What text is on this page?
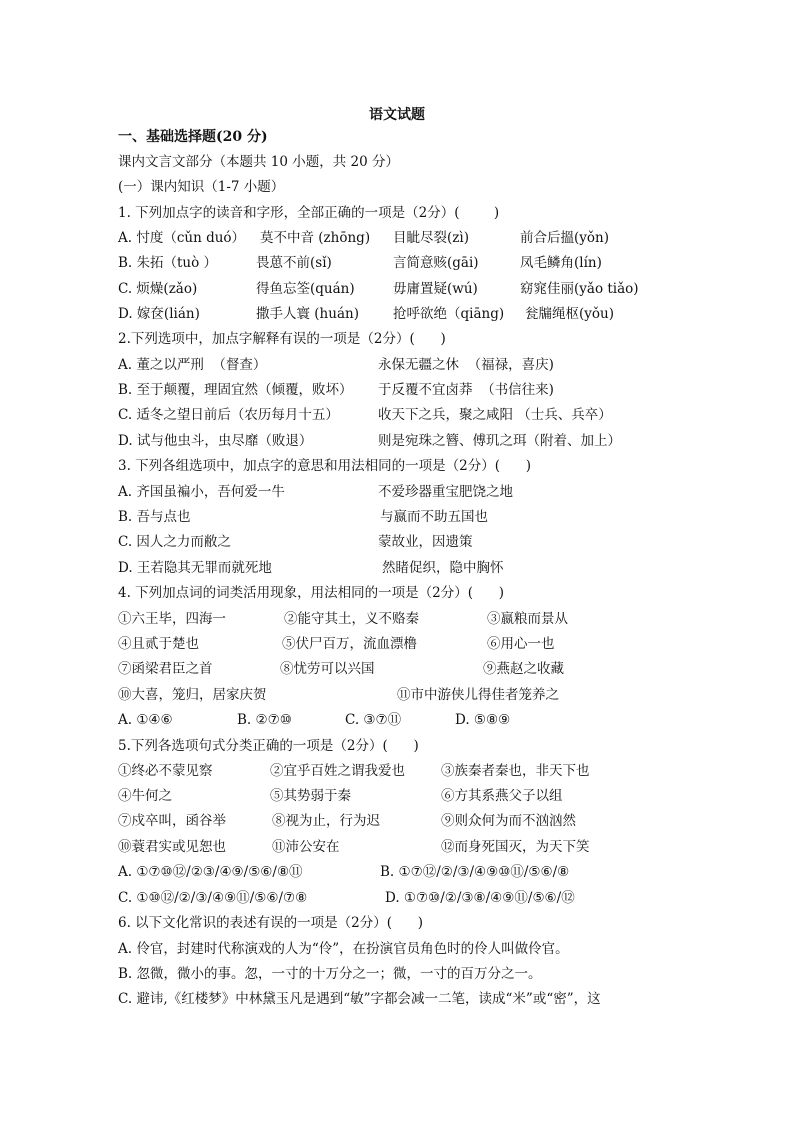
语文试题
一、基础选择题(20 分)
课内文言文部分（本题共 10 小题，共 20 分）
(一）课内知识（1-7 小题）
1. 下列加点字的读音和字形，全部正确的一项是（2分）(        )
A. 忖度（cǔn duó） 莫不中音 (zhōng) 目眦尽裂(zì)	前合后搵(yǒn)
B. 朱拓（tuò ）	畏葸不前(sǐ)	言简意赅(gāi)	凤毛鳞角(lín)
C. 烦燥(zǎo)	得鱼忘筌(quán)	毋庸置疑(wú)	窈窕佳丽(yǎo tiǎo)
D. 嫁奁(lián)	撒手人寰 (huán)	抢呼欲绝（qiāng) 瓮牖绳枢(yǒu)
2.下列选项中，加点字解释有误的一项是（2分）(      )
A. 董之以严刑  （督查）	永保无疆之休  （福禄，喜庆)
B. 至于颠覆，理固宜然（倾覆，败坏） 于反覆不宜卤莽  （书信往来)
C. 适冬之望日前后（农历每月十五）	收天下之兵，聚之咸阳 （士兵、兵卒）
D. 试与他虫斗，虫尽靡（败退）	则是宛珠之簪、傅玑之珥（附着、加上）
3. 下列各组选项中，加点字的意思和用法相同的一项是（2分）(      )
A. 齐国虽褊小，吾何爱一牛	不爱珍器重宝肥饶之地
B. 吾与点也	与嬴而不助五国也
C. 因人之力而敝之	蒙故业，因遗策
D. 王若隐其无罪而就死地	然睹促织，隐中胸怀
4. 下列加点词的词类活用现象，用法相同的一项是（2分）(      )
①六王毕，四海一	②能守其土，义不赂秦	③嬴粮而景从
④且贰于楚也	⑤伏尸百万，流血漂橹	⑥用心一也
⑦函梁君臣之首	⑧忧劳可以兴国	⑨燕赵之收藏
⑩大喜，笼归，居家庆贺	⑪市中游侠儿得佳者笼养之
A. ①④⑥	B. ②⑦⑩	C. ③⑦⑪	D. ⑤⑧⑨
5.下列各选项句式分类正确的一项是（2分）(      )
①终必不蒙见察	②宜乎百姓之谓我爱也	③族秦者秦也，非天下也
④牛何之	⑤其势弱于秦	⑥方其系燕父子以组
⑦戍卒叫，函谷举	⑧视为止，行为迟	⑨则众何为而不汹汹然
⑩蓑君实或见恕也	⑪沛公安在	⑫而身死国灭，为天下笑
A. ①⑦⑩⑫/②③/④⑨/⑤⑥/⑧⑪	B. ①⑦⑫/②/③/④⑨⑩⑪/⑤⑥/⑧
C. ①⑩⑫/②/③/④⑨⑪/⑤⑥/⑦⑧	D. ①⑦⑩/②/③⑧/④⑨⑪/⑤⑥/⑫
6. 以下文化常识的表述有误的一项是（2分）(      )
A. 伶官，封建时代称演戏的人为“伶”，在扮演官员角色时的伶人叫做伶官。
B. 忽微，微小的事。忽，一寸的十万分之一；微，一寸的百万分之一。
C. 避讳,《红楼梦》中林黛玉凡是遇到“敏”字都会减一二笔，读成“米”或“密”，这
